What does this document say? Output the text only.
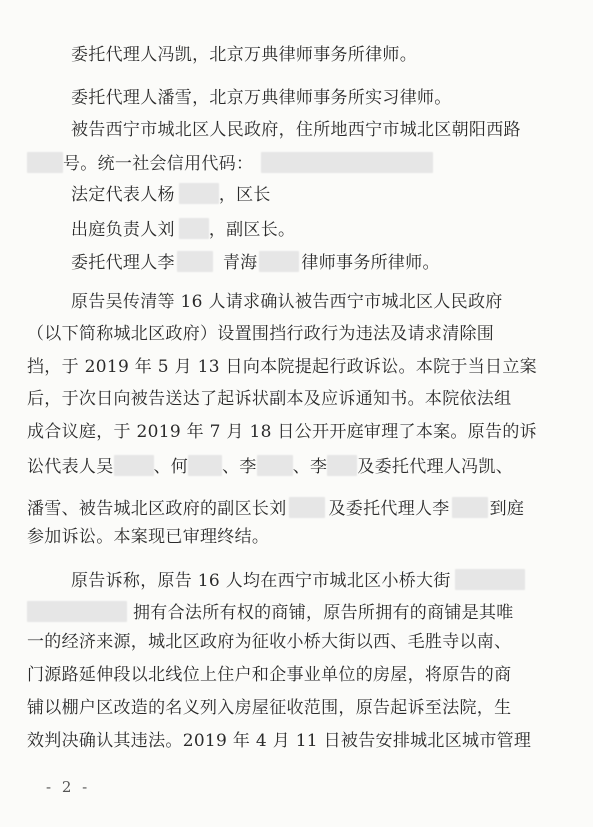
委托代理人冯凯，北京万典律师事务所律师。
委托代理人潘雪，北京万典律师事务所实习律师。
被告西宁市城北区人民政府，住所地西宁市城北区朝阳西路
号。统一社会信用代码：
法定代表人杨	，区长
出庭负责人刘 ，副区长。
委托代理人李	青海	律师事务所律师。
原告吴传清等 16 人请求确认被告西宁市城北区人民政府
（以下简称城北区政府）设置围挡行政行为违法及请求清除围
挡，于 2019 年 5 月 13 日向本院提起行政诉讼。本院于当日立案
后，于次日向被告送达了起诉状副本及应诉通知书。本院依法组
成合议庭，于 2019 年 7 月 18 日公开开庭审理了本案。原告的诉
讼代表人吴 、何 、李 、李 及委托代理人冯凯、
潘雪、被告城北区政府的副区长刘 及委托代理人李 到庭
参加诉讼。本案现已审理终结。
原告诉称，原告 16 人均在西宁市城北区小桥大街
拥有合法所有权的商铺，原告所拥有的商铺是其唯
一的经济来源，城北区政府为征收小桥大街以西、毛胜寺以南、
门源路延伸段以北线位上住户和企事业单位的房屋，将原告的商
铺以棚户区改造的名义列入房屋征收范围，原告起诉至法院，生
效判决确认其违法。2019 年 4 月 11 日被告安排城北区城市管理
- 2 -
